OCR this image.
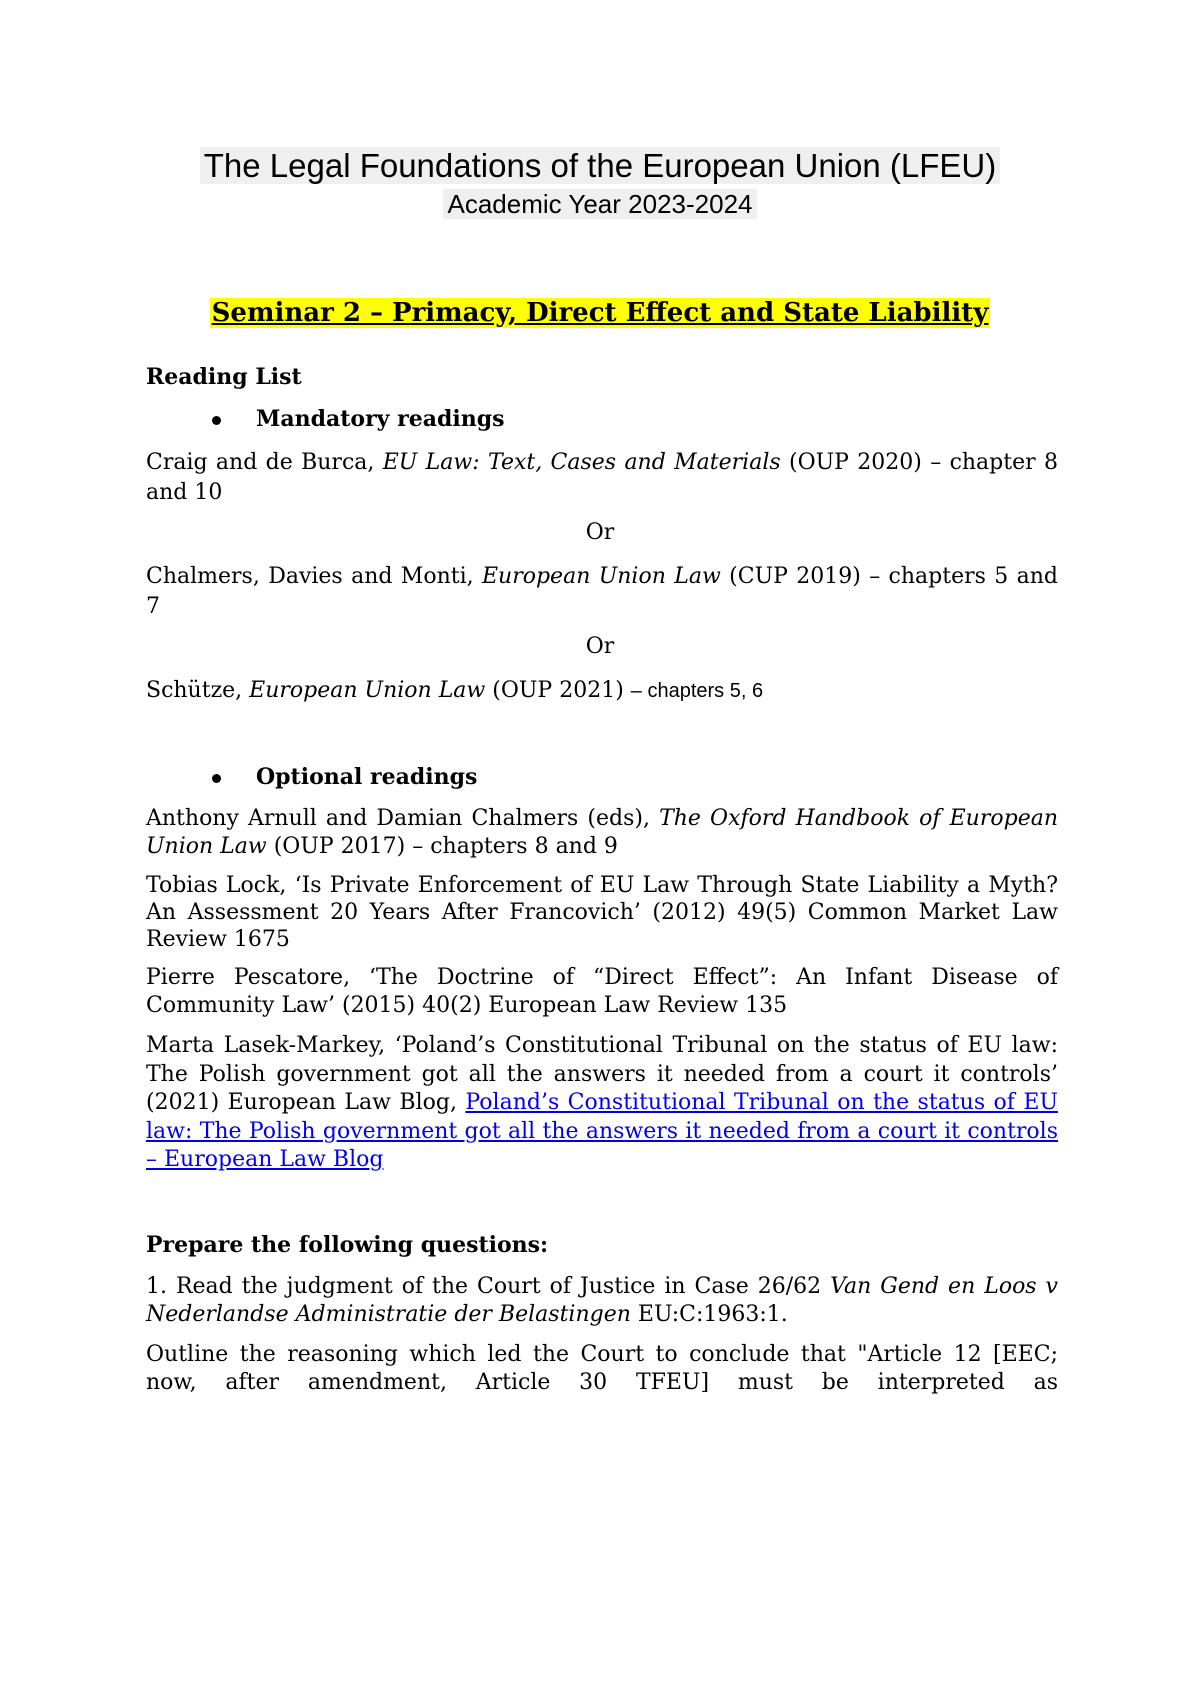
The Legal Foundations of the European Union (LFEU)
Academic Year 2023-2024
Seminar 2 – Primacy, Direct Effect and State Liability
Reading List
Mandatory readings
Craig and de Burca, EU Law: Text, Cases and Materials (OUP 2020) – chapter 8 and 10
Or
Chalmers, Davies and Monti, European Union Law (CUP 2019) – chapters 5 and 7
Or
Schütze, European Union Law (OUP 2021) – chapters 5, 6
Optional readings
Anthony Arnull and Damian Chalmers (eds), The Oxford Handbook of European Union Law (OUP 2017) – chapters 8 and 9
Tobias Lock, ‘Is Private Enforcement of EU Law Through State Liability a Myth? An Assessment 20 Years After Francovich’ (2012) 49(5) Common Market Law Review 1675
Pierre Pescatore, ‘The Doctrine of “Direct Effect”: An Infant Disease of Community Law’ (2015) 40(2) European Law Review 135
Marta Lasek-Markey, ‘Poland’s Constitutional Tribunal on the status of EU law: The Polish government got all the answers it needed from a court it controls’ (2021) European Law Blog, Poland’s Constitutional Tribunal on the status of EU law: The Polish government got all the answers it needed from a court it controls – European Law Blog
Prepare the following questions:
1. Read the judgment of the Court of Justice in Case 26/62 Van Gend en Loos v Nederlandse Administratie der Belastingen EU:C:1963:1.
Outline the reasoning which led the Court to conclude that "Article 12 [EEC; now, after amendment, Article 30 TFEU] must be interpreted as
